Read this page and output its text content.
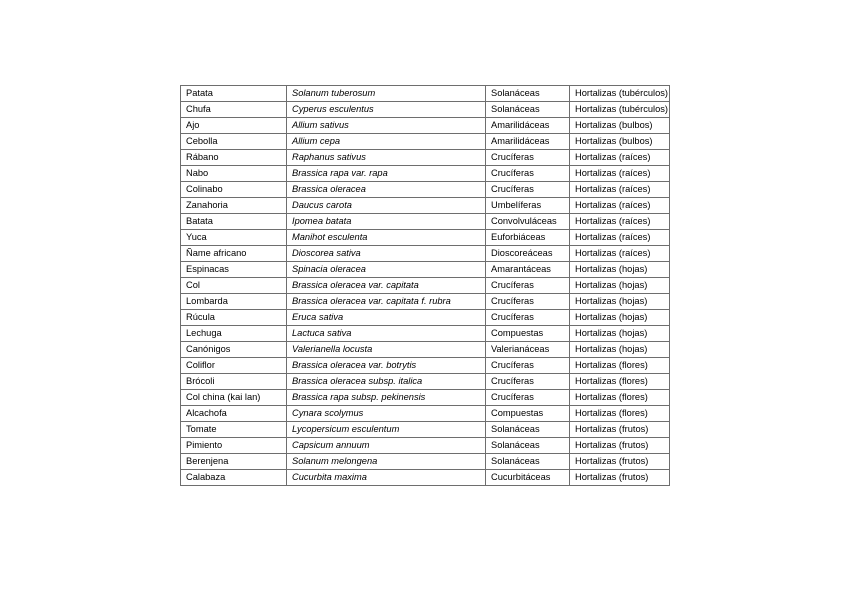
Patata	Solanum tuberosum	Solanáceas	Hortalizas (tubérculos)
Chufa	Cyperus esculentus	Solanáceas	Hortalizas (tubérculos)
Ajo	Allium sativus	Amarilidáceas	Hortalizas (bulbos)
Cebolla	Allium cepa	Amarilidáceas	Hortalizas (bulbos)
Rábano	Raphanus sativus	Crucíferas	Hortalizas (raíces)
Nabo	Brassica rapa var. rapa	Crucíferas	Hortalizas (raíces)
Colinabo	Brassica oleracea	Crucíferas	Hortalizas (raíces)
Zanahoria	Daucus carota	Umbelíferas	Hortalizas (raíces)
Batata	Ipomea batata	Convolvuláceas	Hortalizas (raíces)
Yuca	Manihot esculenta	Euforbiáceas	Hortalizas (raíces)
Ñame africano	Dioscorea sativa	Dioscoreáceas	Hortalizas (raíces)
Espinacas	Spinacia oleracea	Amarantáceas	Hortalizas (hojas)
Col	Brassica oleracea var. capitata	Crucíferas	Hortalizas (hojas)
Lombarda	Brassica oleracea var. capitata f. rubra	Crucíferas	Hortalizas (hojas)
Rúcula	Eruca sativa	Crucíferas	Hortalizas (hojas)
Lechuga	Lactuca sativa	Compuestas	Hortalizas (hojas)
Canónigos	Valerianella locusta	Valerianáceas	Hortalizas (hojas)
Coliflor	Brassica oleracea var. botrytis	Crucíferas	Hortalizas (flores)
Brócoli	Brassica oleracea subsp. italica	Crucíferas	Hortalizas (flores)
Col china (kai lan)	Brassica rapa subsp. pekinensis	Crucíferas	Hortalizas (flores)
Alcachofa	Cynara scolymus	Compuestas	Hortalizas (flores)
Tomate	Lycopersicum esculentum	Solanáceas	Hortalizas (frutos)
Pimiento	Capsicum annuum	Solanáceas	Hortalizas (frutos)
Berenjena	Solanum melongena	Solanáceas	Hortalizas (frutos)
Calabaza	Cucurbita maxima	Cucurbitáceas	Hortalizas (frutos)
